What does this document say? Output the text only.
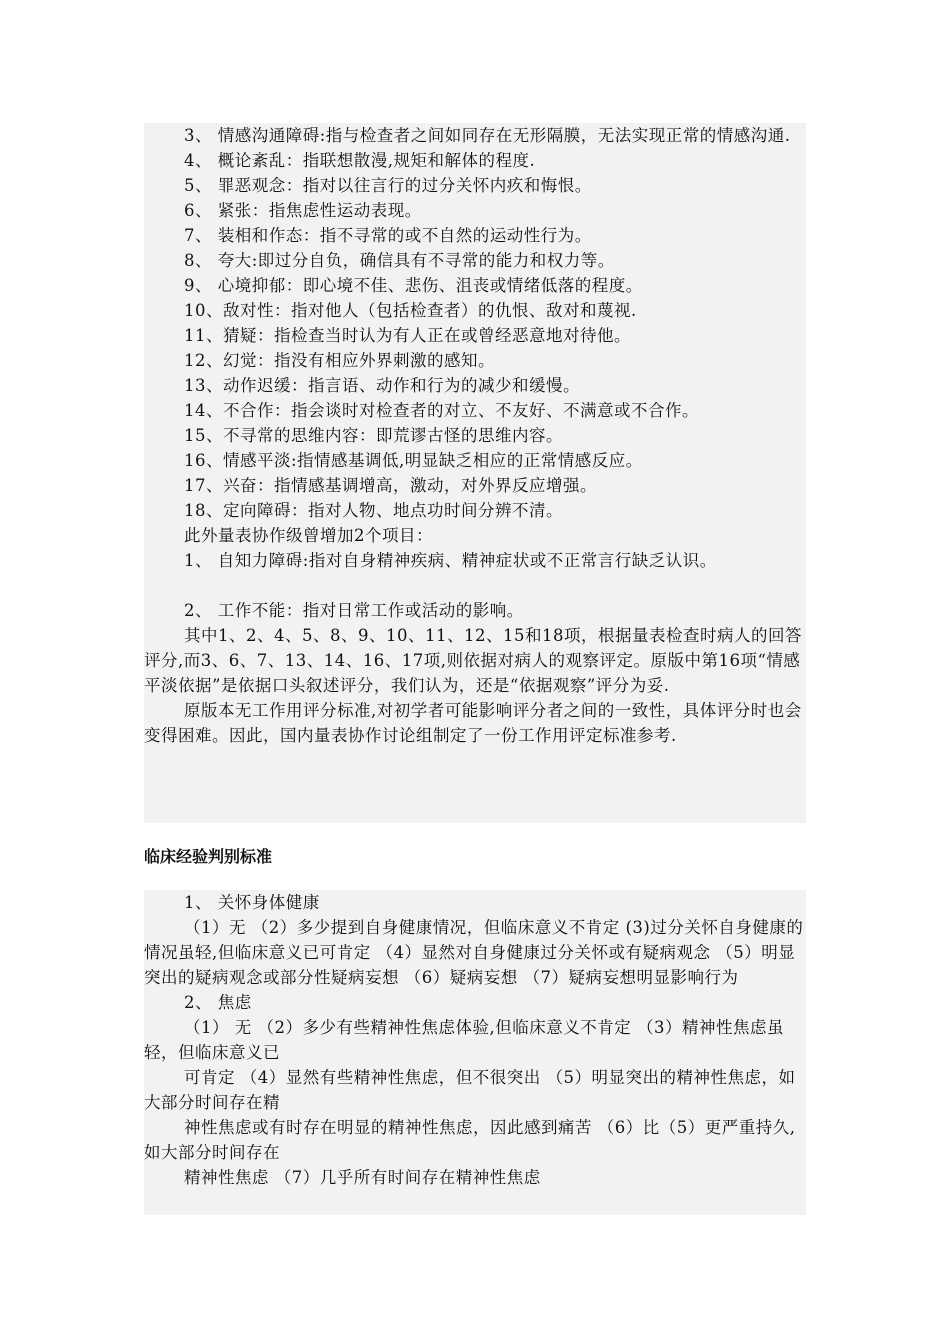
3、 情感沟通障碍:指与检查者之间如同存在无形隔膜，无法实现正常的情感沟通.

4、 概论紊乱：指联想散漫,规矩和解体的程度.

5、 罪恶观念：指对以往言行的过分关怀内疚和悔恨。

6、 紧张：指焦虑性运动表现。

7、 装相和作态：指不寻常的或不自然的运动性行为。

8、 夸大:即过分自负，确信具有不寻常的能力和权力等。

9、 心境抑郁：即心境不佳、悲伤、沮丧或情绪低落的程度。

10、敌对性：指对他人（包括检查者）的仇恨、敌对和蔑视.

11、猜疑：指检查当时认为有人正在或曾经恶意地对待他。

12、幻觉：指没有相应外界刺激的感知。

13、动作迟缓：指言语、动作和行为的减少和缓慢。

14、不合作：指会谈时对检查者的对立、不友好、不满意或不合作。

15、不寻常的思维内容：即荒谬古怪的思维内容。

16、情感平淡:指情感基调低,明显缺乏相应的正常情感反应。

17、兴奋：指情感基调增高，激动，对外界反应增强。

18、定向障碍：指对人物、地点功时间分辨不清。

此外量表协作级曾增加2个项目：

1、 自知力障碍:指对自身精神疾病、精神症状或不正常言行缺乏认识。

2、 工作不能：指对日常工作或活动的影响。

其中1、2、4、5、8、9、10、11、12、15和18项，根据量表检查时病人的回答评分,而3、6、7、13、14、16、17项,则依据对病人的观察评定。原版中第16项“情感平淡依据”是依据口头叙述评分，我们认为，还是“依据观察”评分为妥.

原版本无工作用评分标准,对初学者可能影响评分者之间的一致性，具体评分时也会变得困难。因此，国内量表协作讨论组制定了一份工作用评定标准参考.

临床经验判别标准

1、 关怀身体健康

（1）无 （2）多少提到自身健康情况，但临床意义不肯定 (3)过分关怀自身健康的情况虽轻,但临床意义已可肯定 （4）显然对自身健康过分关怀或有疑病观念 （5）明显突出的疑病观念或部分性疑病妄想 （6）疑病妄想 （7）疑病妄想明显影响行为

2、 焦虑

（1） 无 （2）多少有些精神性焦虑体验,但临床意义不肯定 （3）精神性焦虑虽轻，但临床意义已

可肯定 （4）显然有些精神性焦虑，但不很突出 （5）明显突出的精神性焦虑，如大部分时间存在精

神性焦虑或有时存在明显的精神性焦虑，因此感到痛苦 （6）比（5）更严重持久,如大部分时间存在

精神性焦虑 （7）几乎所有时间存在精神性焦虑
